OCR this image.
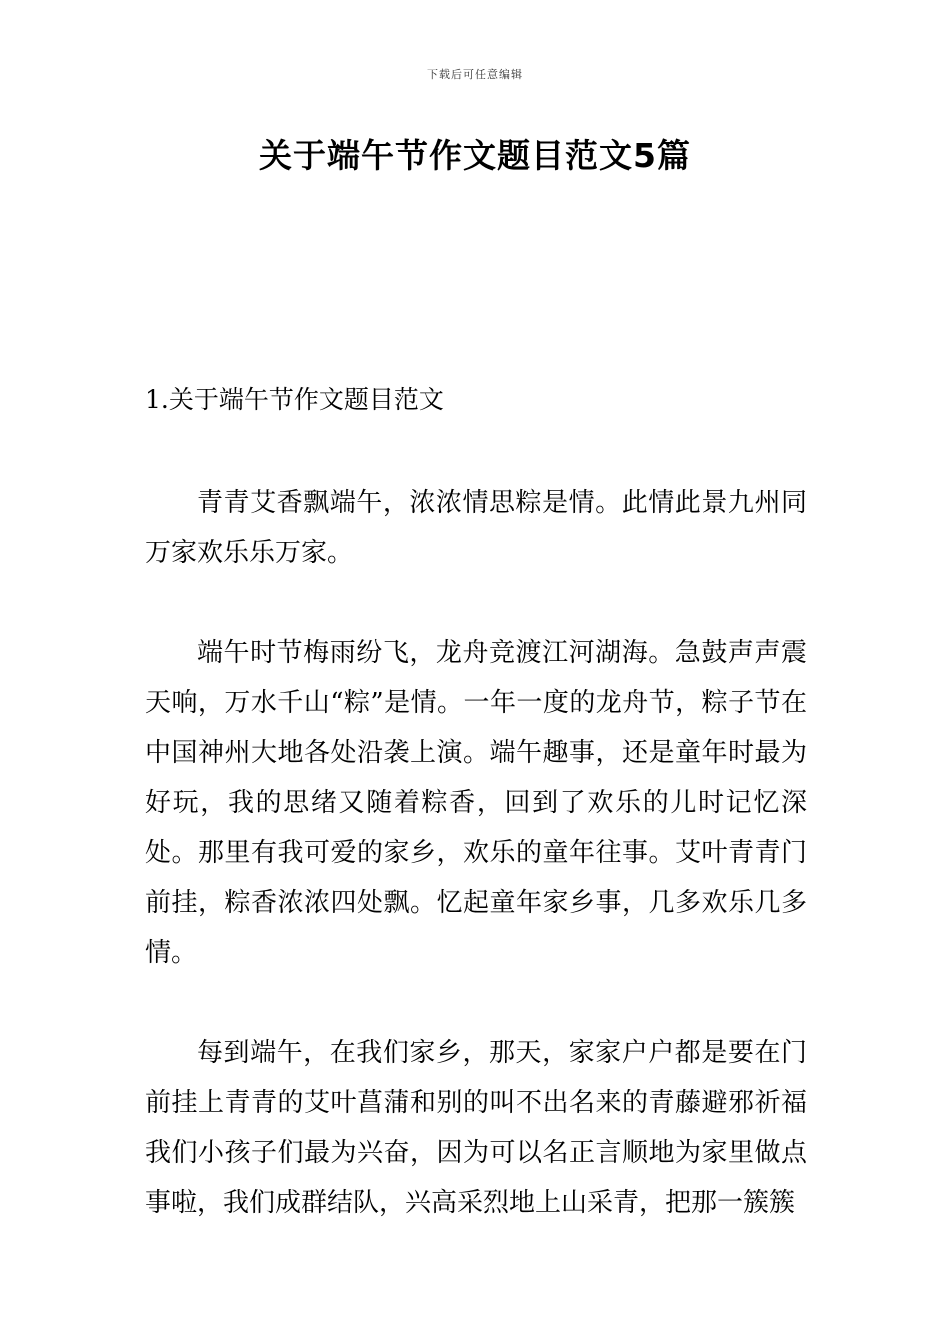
下载后可任意编辑
关于端午节作文题目范文5篇
1.关于端午节作文题目范文

青青艾香飘端午，浓浓情思粽是情。此情此景九州同万家欢乐乐万家。

端午时节梅雨纷飞，龙舟竞渡江河湖海。急鼓声声震天响，万水千山“粽”是情。一年一度的龙舟节，粽子节在中国神州大地各处沿袭上演。端午趣事，还是童年时最为好玩，我的思绪又随着粽香，回到了欢乐的儿时记忆深处。那里有我可爱的家乡，欢乐的童年往事。艾叶青青门前挂，粽香浓浓四处飘。忆起童年家乡事，几多欢乐几多情。

每到端午，在我们家乡，那天，家家户户都是要在门前挂上青青的艾叶菖蒲和别的叫不出名来的青藤避邪祈福我们小孩子们最为兴奋，因为可以名正言顺地为家里做点事啦，我们成群结队，兴高采烈地上山采青，把那一簇簇
